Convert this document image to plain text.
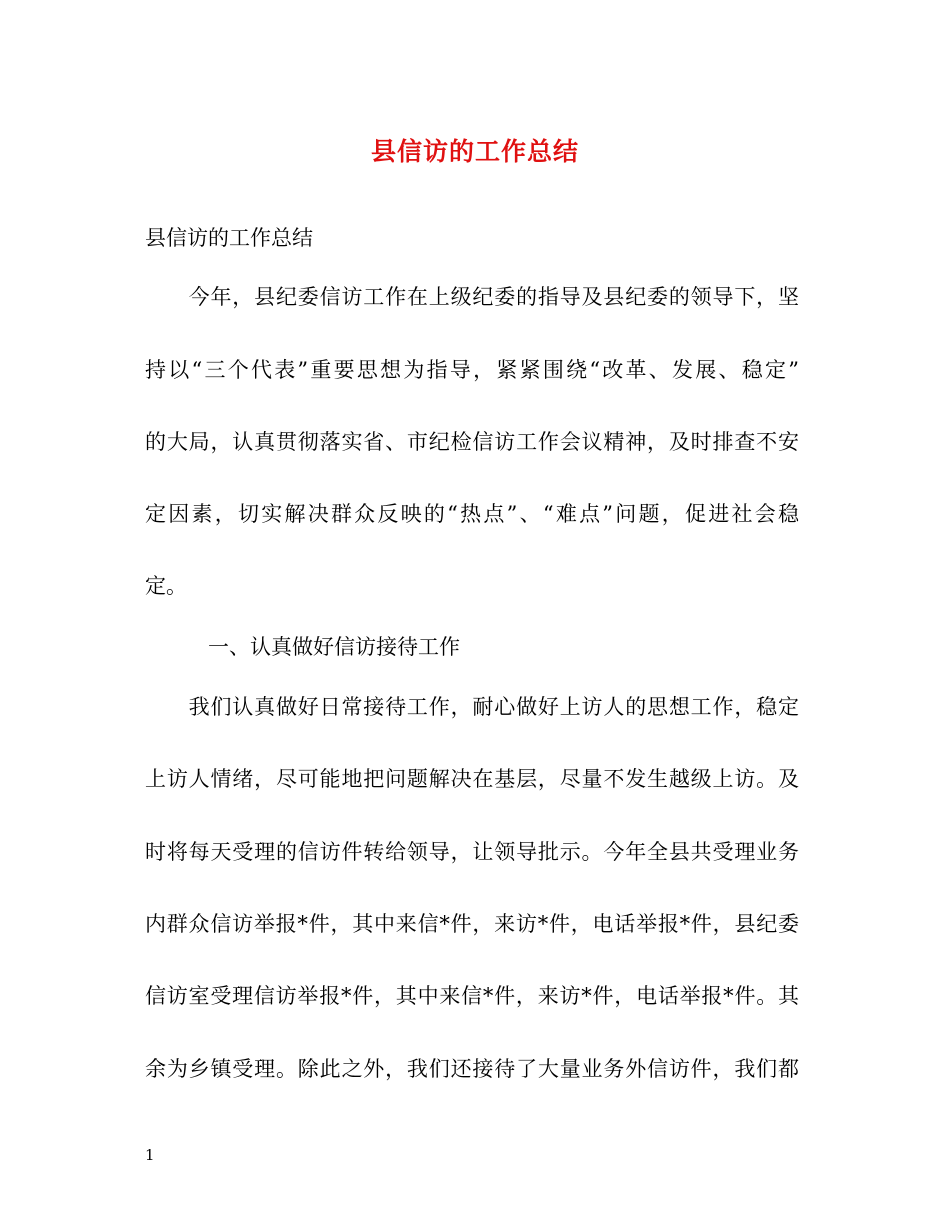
县信访的工作总结
县信访的工作总结
　　今年，县纪委信访工作在上级纪委的指导及县纪委的领导下，坚
持以“三个代表”重要思想为指导，紧紧围绕“改革、发展、稳定”
的大局，认真贯彻落实省、市纪检信访工作会议精神，及时排查不安
定因素，切实解决群众反映的“热点”、“难点”问题，促进社会稳
定。
一、认真做好信访接待工作
　　我们认真做好日常接待工作，耐心做好上访人的思想工作，稳定
上访人情绪，尽可能地把问题解决在基层，尽量不发生越级上访。及
时将每天受理的信访件转给领导，让领导批示。今年全县共受理业务
内群众信访举报*件，其中来信*件，来访*件，电话举报*件，县纪委
信访室受理信访举报*件，其中来信*件，来访*件，电话举报*件。其
余为乡镇受理。除此之外，我们还接待了大量业务外信访件，我们都
1
